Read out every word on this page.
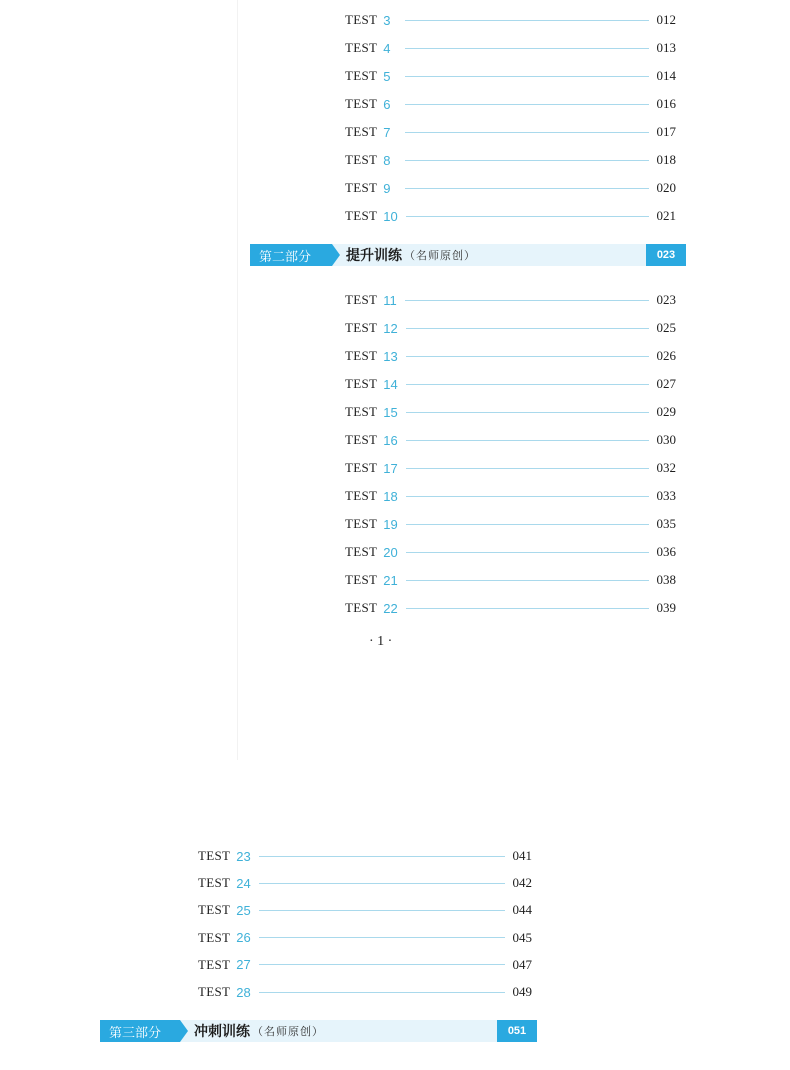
TEST 3	012
TEST 4	013
TEST 5	014
TEST 6	016
TEST 7	017
TEST 8	018
TEST 9	020
TEST 10	021
第二部分	提升训练 （名师原创）	023
TEST 11	023
TEST 12	025
TEST 13	026
TEST 14	027
TEST 15	029
TEST 16	030
TEST 17	032
TEST 18	033
TEST 19	035
TEST 20	036
TEST 21	038
TEST 22	039
· 1 ·
TEST 23	041
TEST 24	042
TEST 25	044
TEST 26	045
TEST 27	047
TEST 28	049
第三部分	冲刺训练 （名师原创）	051
